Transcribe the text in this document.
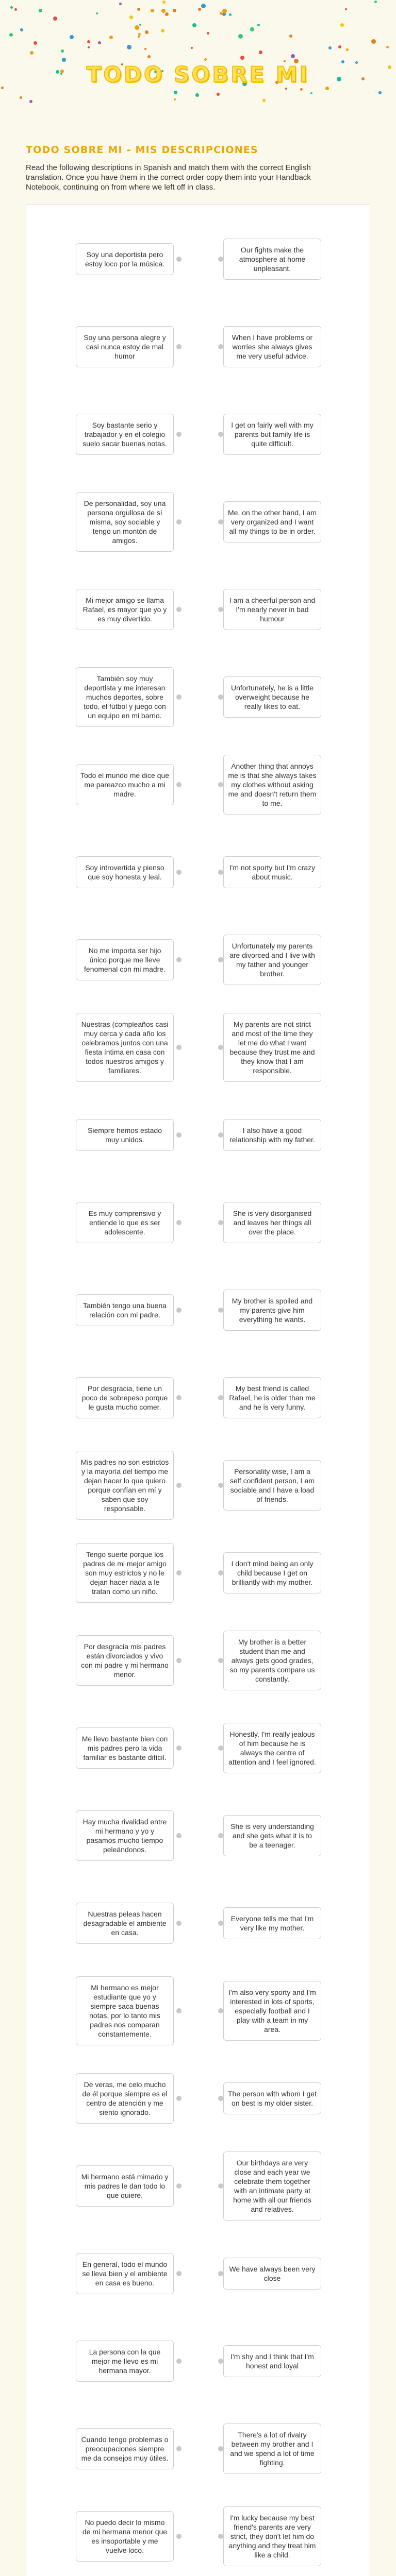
TODO SOBRE MI
TODO SOBRE MI - MIS DESCRIPCIONES
Read the following descriptions in Spanish and match them with the correct English translation. Once you have them in the correct order copy them into your Handback Notebook, continuing on from where we left off in class.
Soy una deportista pero estoy loco por la música.
Our fights make the atmosphere at home unpleasant.
Soy una persona alegre y casi nunca estoy de mal humor
When I have problems or worries she always gives me very useful advice.
Soy bastante serio y trabajador y en el colegio suelo sacar buenas notas.
I get on fairly well with my parents but family life is quite difficult.
De personalidad, soy una persona orgullosa de sí misma, soy sociable y tengo un montón de amigos.
Me, on the other hand, I am very organized and I want all my things to be in order.
Mi mejor amigo se llama Rafael, es mayor que yo y es muy divertido.
I am a cheerful person and I'm nearly never in bad humour
También soy muy deportista y me interesan muchos deportes, sobre todo, el fútbol y juego con un equipo en mi barrio.
Unfortunately, he is a little overweight because he really likes to eat.
Todo el mundo me dice que me pareazco mucho a mi madre.
Another thing that annoys me is that she always takes my clothes without asking me and doesn't return them to me.
Soy introvertida y pienso que soy honesta y leal.
I'm not sporty but I'm crazy about music.
No me importa ser hijo único porque me lleve fenomenal con mi madre.
Unfortunately my parents are divorced and I live with my father and younger brother.
Nuestras (compleaños casi muy cerca y cada año los celebramos juntos con una fiesta íntima en casa con todos nuestros amigos y familiares.
My parents are not strict and most of the time they let me do what I want because they trust me and they know that I am responsible.
Siempre hemos estado muy unidos.
I also have a good relationship with my father.
Es muy comprensivo y entiende lo que es ser adolescente.
She is very disorganised and leaves her things all over the place.
También tengo una buena relación con mi padre.
My brother is spoiled and my parents give him everything he wants.
Por desgracia, tiene un poco de sobrepeso porque le gusta mucho comer.
My best friend is called Rafael, he is older than me and he is very funny.
Mis padres no son estrictos y la mayoría del tiempo me dejan hacer lo que quiero porque confían en mí y saben que soy responsable.
Personality wise, I am a self confident person, I am sociable and I have a load of friends.
Tengo suerte porque los padres de mi mejor amigo son muy estrictos y no le dejan hacer nada a le tratan como un niño.
I don't mind being an only child because I get on brilliantly with my mother.
Por desgracia mis padres están divorciados y vivo con mi padre y mi hermano menor.
My brother is a better student than me and always gets good grades, so my parents compare us constantly.
Me llevo bastante bien con mis padres pero la vida familiar es bastante difícil.
Honestly, I'm really jealous of him because he is always the centre of attention and I feel ignored.
Hay mucha rivalidad entre mi hermano y yo y pasamos mucho tiempo peleándonos.
She is very understanding and she gets what it is to be a teenager.
Nuestras peleas hacen desagradable el ambiente en casa.
Everyone tells me that I'm very like my mother.
Mi hermano es mejor estudiante que yo y siempre saca buenas notas, por lo tanto mis padres nos comparan constantemente.
I'm also very sporty and I'm interested in lots of sports, especially football and I play with a team in my area.
De veras, me celo mucho de él porque siempre es el centro de atención y me siento ignorado.
The person with whom I get on best is my older sister.
Mi hermano está mimado y mis padres le dan todo lo que quiere.
Our birthdays are very close and each year we celebrate them together with an intimate party at home with all our friends and relatives.
En general, todo el mundo se lleva bien y el ambiente en casa es bueno.
We have always been very close
La persona con la que mejor me llevo es mi hermana mayor.
I'm shy and I think that I'm honest and loyal
Cuando tengo problemas o preocupaciones siempre me da consejos muy útiles.
There's a lot of rivalry between my brother and I and we spend a lot of time fighting.
No puedo decir lo mismo de mi hermana menor que es insoportable y me vuelve loco.
I'm lucky because my best friend's parents are very strict, they don't let him do anything and they treat him like a child.
